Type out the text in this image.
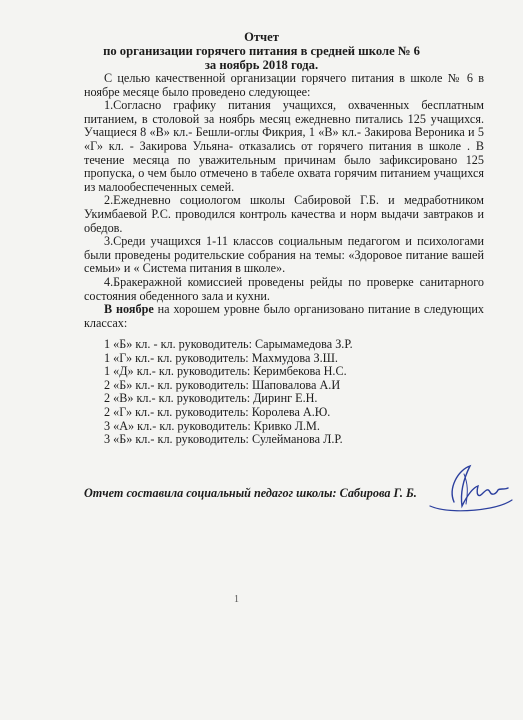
Отчет
по организации горячего питания в средней школе № 6
за ноябрь 2018 года.

С целью качественной организации горячего питания в школе № 6 в ноябре месяце было проведено следующее:

1.Согласно графику питания учащихся, охваченных бесплатным питанием, в столовой за ноябрь месяц ежедневно питались 125 учащихся. Учащиеся 8 «В» кл.- Бешли-оглы Фикрия, 1 «В» кл.- Закирова Вероника и 5 «Г» кл. - Закирова Ульяна- отказались от горячего питания в школе . В течение месяца по уважительным причинам было зафиксировано 125 пропуска, о чем было отмечено в табеле охвата горячим питанием учащихся из малообеспеченных семей.

2.Ежедневно социологом школы Сабировой Г.Б. и медработником Укимбаевой Р.С. проводился контроль качества и норм выдачи завтраков и обедов.

3.Среди учащихся 1-11 классов социальным педагогом и психологами были проведены родительские собрания на темы: «Здоровое питание вашей семьи» и « Система питания в школе».

4.Бракеражной комиссией проведены рейды по проверке санитарного состояния обеденного зала и кухни.

В ноябре на хорошем уровне было организовано питание в следующих классах:

1 «Б» кл. - кл. руководитель: Сарымамедова З.Р.
1 «Г» кл.- кл. руководитель: Махмудова З.Ш.
1 «Д» кл.- кл. руководитель: Керимбекова Н.С.
2 «Б» кл.- кл. руководитель: Шаповалова А.И
2 «В» кл.- кл. руководитель: Диринг Е.Н.
2 «Г» кл.- кл. руководитель: Королева А.Ю.
3 «А» кл.- кл. руководитель: Кривко Л.М.
3 «Б» кл.- кл. руководитель: Сулейманова Л.Р.
Отчет составила социальный педагог школы: Сабирова Г. Б.
1
